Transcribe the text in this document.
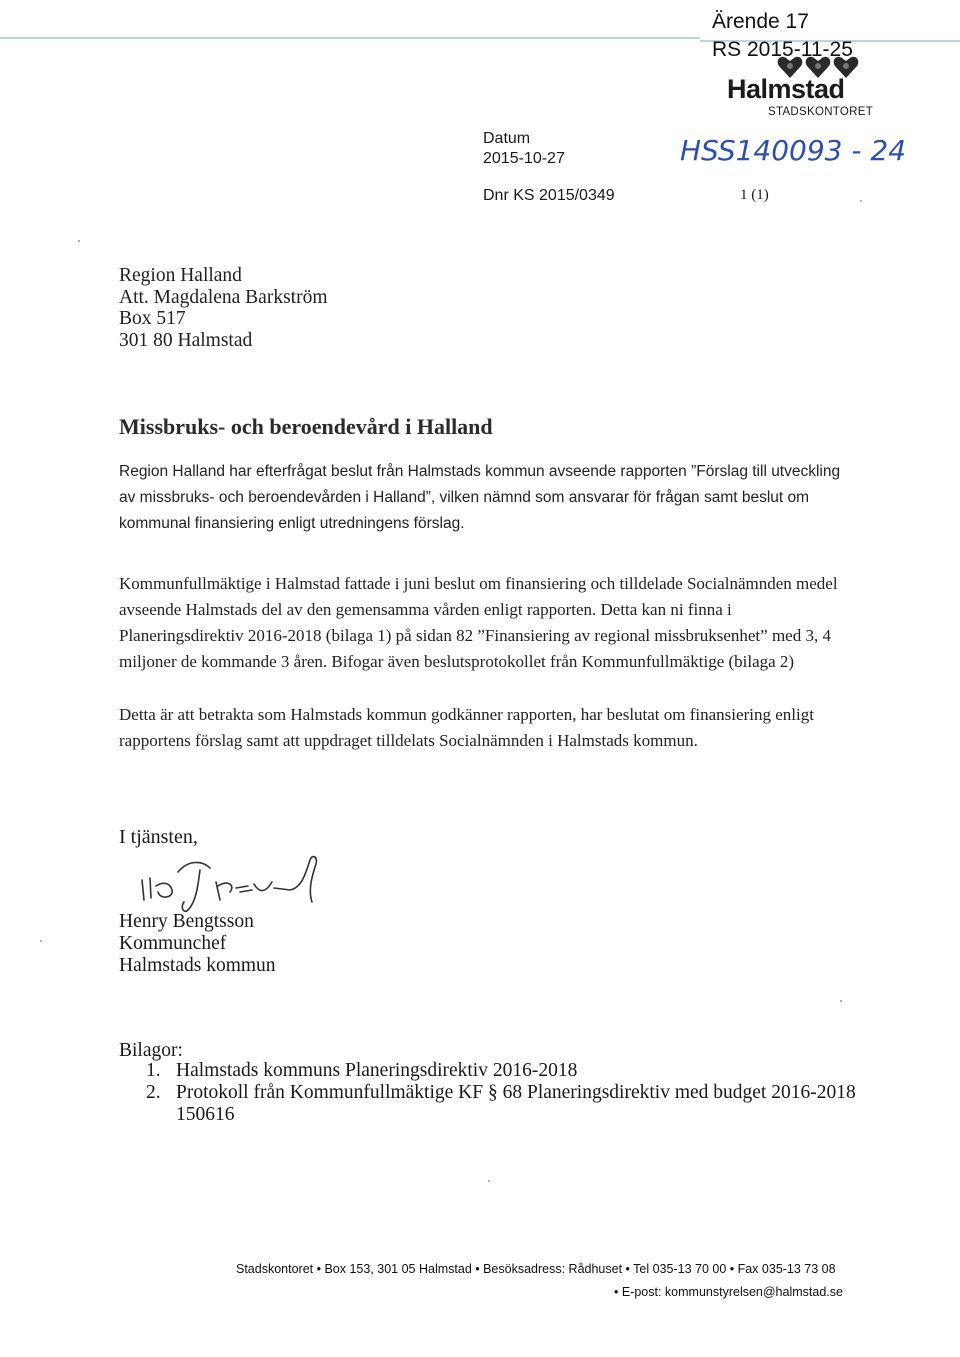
Ärende 17
RS 2015-11-25
Halmstad
STADSKONTORET
Datum
2015-10-27	HSS140093 - 24
Dnr KS 2015/0349	1 (1)
Region Halland
Att. Magdalena Barkström
Box 517
301 80 Halmstad
Missbruks- och beroendevård i Halland
Region Halland har efterfrågat beslut från Halmstads kommun avseende rapporten ”Förslag till utveckling av missbruks- och beroendevården i Halland”, vilken nämnd som ansvarar för frågan samt beslut om kommunal finansiering enligt utredningens förslag.
Kommunfullmäktige i Halmstad fattade i juni beslut om finansiering och tilldelade Socialnämnden medel avseende Halmstads del av den gemensamma vården enligt rapporten. Detta kan ni finna i Planeringsdirektiv 2016-2018 (bilaga 1) på sidan 82 ”Finansiering av regional missbruksenhet” med 3, 4 miljoner de kommande 3 åren. Bifogar även beslutsprotokollet från Kommunfullmäktige (bilaga 2)
Detta är att betrakta som Halmstads kommun godkänner rapporten, har beslutat om finansiering enligt rapportens förslag samt att uppdraget tilldelats Socialnämnden i Halmstads kommun.
I tjänsten,
Henry Bengtsson
Kommunchef
Halmstads kommun
Bilagor:
1. Halmstads kommuns Planeringsdirektiv 2016-2018
2. Protokoll från Kommunfullmäktige KF § 68 Planeringsdirektiv med budget 2016-2018 150616
Stadskontoret • Box 153, 301 05 Halmstad • Besöksadress: Rådhuset • Tel 035-13 70 00 • Fax 035-13 73 08
• E-post: kommunstyrelsen@halmstad.se
